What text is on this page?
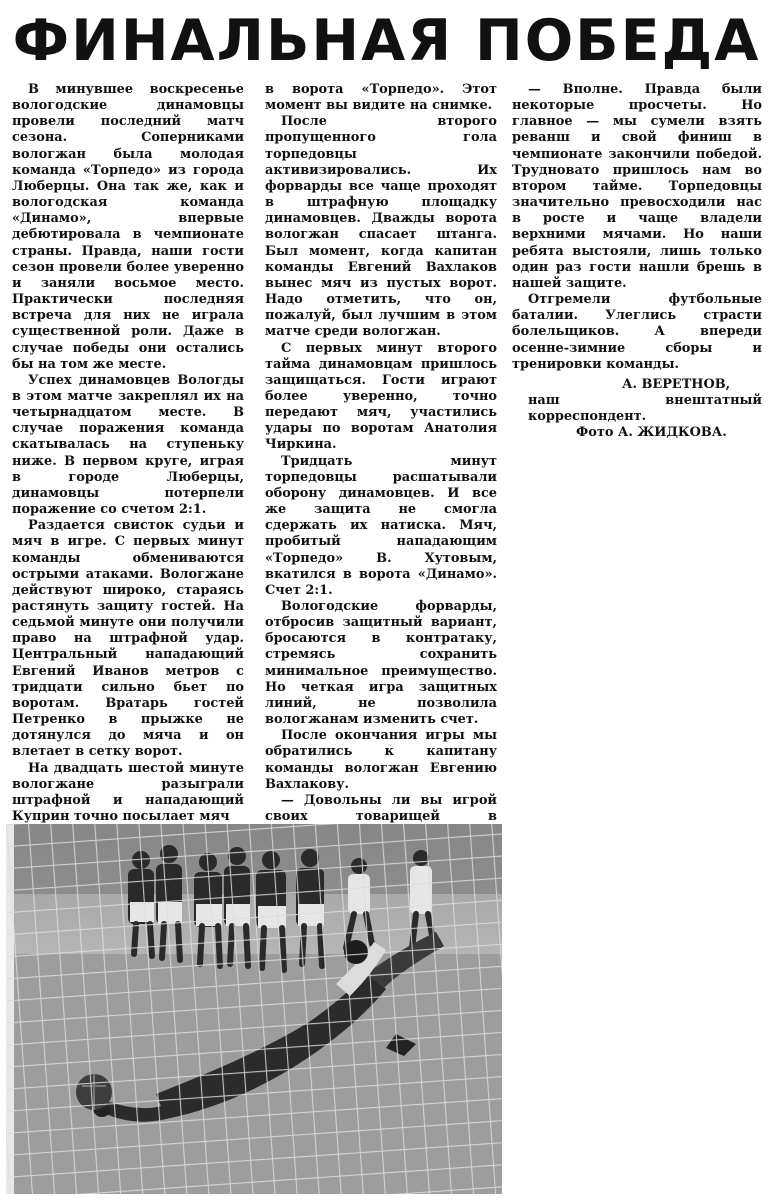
ФИНАЛЬНАЯ ПОБЕДА

В минувшее воскресенье вологодские динамовцы провели последний матч сезона. Соперниками вологжан была молодая команда «Торпедо» из города Люберцы. Она так же, как и вологодская команда «Динамо», впервые дебютировала в чемпионате страны. Правда, наши гости сезон провели более уверенно и заняли восьмое место. Практически последняя встреча для них не играла существенной роли. Даже в случае победы они остались бы на том же месте.

Успех динамовцев Вологды в этом матче закреплял их на четырнадцатом месте. В случае поражения команда скатывалась на ступеньку ниже. В первом круге, играя в городе Люберцы, динамовцы потерпели поражение со счетом 2:1.

Раздается свисток судьи и мяч в игре. С первых минут команды обмениваются острыми атаками. Вологжане действуют широко, стараясь растянуть защиту гостей. На седьмой минуте они получили право на штрафной удар. Центральный нападающий Евгений Иванов метров с тридцати сильно бьет по воротам. Вратарь гостей Петренко в прыжке не дотянулся до мяча и он влетает в сетку ворот.

На двадцать шестой минуте вологжане разыграли штрафной и нападающий Куприн точно посылает мяч

в ворота «Торпедо». Этот момент вы видите на снимке.

После второго пропущенного гола торпедовцы активизировались. Их форварды все чаще проходят в штрафную площадку динамовцев. Дважды ворота вологжан спасает штанга. Был момент, когда капитан команды Евгений Вахлаков вынес мяч из пустых ворот. Надо отметить, что он, пожалуй, был лучшим в этом матче среди вологжан.

С первых минут второго тайма динамовцам пришлось защищаться. Гости играют более уверенно, точно передают мяч, участились удары по воротам Анатолия Чиркина.

Тридцать минут торпедовцы расшатывали оборону динамовцев. И все же защита не смогла сдержать их натиска. Мяч, пробитый нападающим «Торпедо» В. Хутовым, вкатился в ворота «Динамо». Счет 2:1.

Вологодские форварды, отбросив защитный вариант, бросаются в контратаку, стремясь сохранить минимальное преимущество. Но четкая игра защитных линий, не позволила вологжанам изменить счет.

После окончания игры мы обратились к капитану команды вологжан Евгению Вахлакову.

— Довольны ли вы игрой своих товарищей в

— Вполне. Правда были некоторые просчеты. Но главное — мы сумели взять реванш и свой финиш в чемпионате закончили победой. Трудновато пришлось нам во втором тайме. Торпедовцы значительно превосходили нас в росте и чаще владели верхними мячами. Но наши ребята выстояли, лишь только один раз гости нашли брешь в нашей защите.

Отгремели футбольные баталии. Улеглись страсти болельщиков. А впереди осенне-зимние сборы и тренировки команды.

А. ВЕРЕТНОВ,
наш внештатный корреспондент.
Фото А. ЖИДКОВА.
